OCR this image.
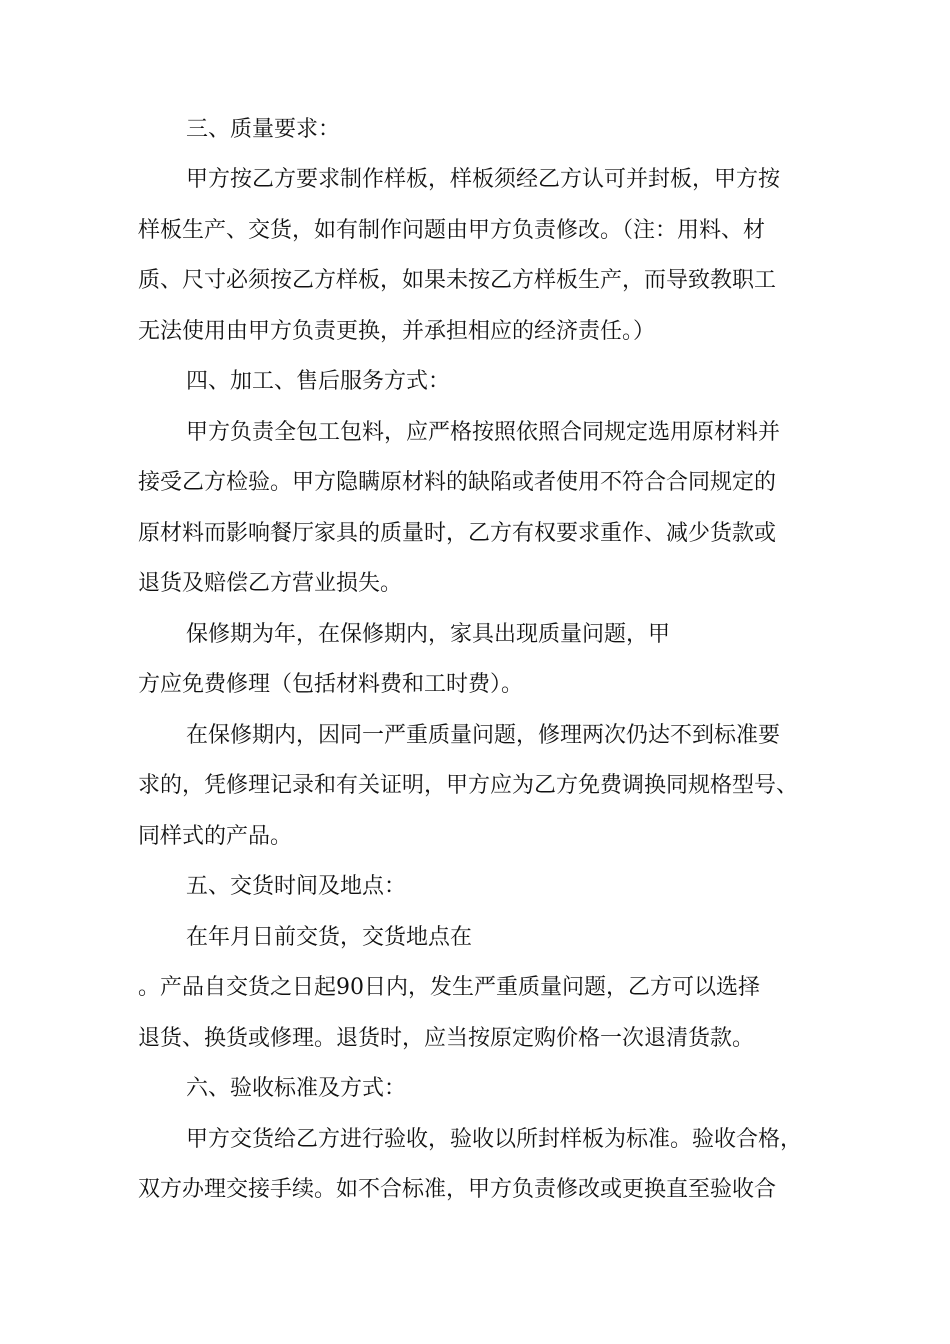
三、质量要求：
甲方按乙方要求制作样板，样板须经乙方认可并封板，甲方按
样板生产、交货，如有制作问题由甲方负责修改。（注：用料、材
质、尺寸必须按乙方样板，如果未按乙方样板生产，而导致教职工
无法使用由甲方负责更换，并承担相应的经济责任。）
四、加工、售后服务方式：
甲方负责全包工包料，应严格按照依照合同规定选用原材料并
接受乙方检验。甲方隐瞒原材料的缺陷或者使用不符合合同规定的
原材料而影响餐厅家具的质量时，乙方有权要求重作、减少货款或
退货及赔偿乙方营业损失。
保修期为年，在保修期内，家具出现质量问题，甲
方应免费修理（包括材料费和工时费）。
在保修期内，因同一严重质量问题，修理两次仍达不到标准要
求的，凭修理记录和有关证明，甲方应为乙方免费调换同规格型号、
同样式的产品。
五、交货时间及地点：
在年月日前交货，交货地点在
。产品自交货之日起90日内，发生严重质量问题，乙方可以选择
退货、换货或修理。退货时，应当按原定购价格一次退清货款。
六、验收标准及方式：
甲方交货给乙方进行验收，验收以所封样板为标准。验收合格，
双方办理交接手续。如不合标准，甲方负责修改或更换直至验收合
